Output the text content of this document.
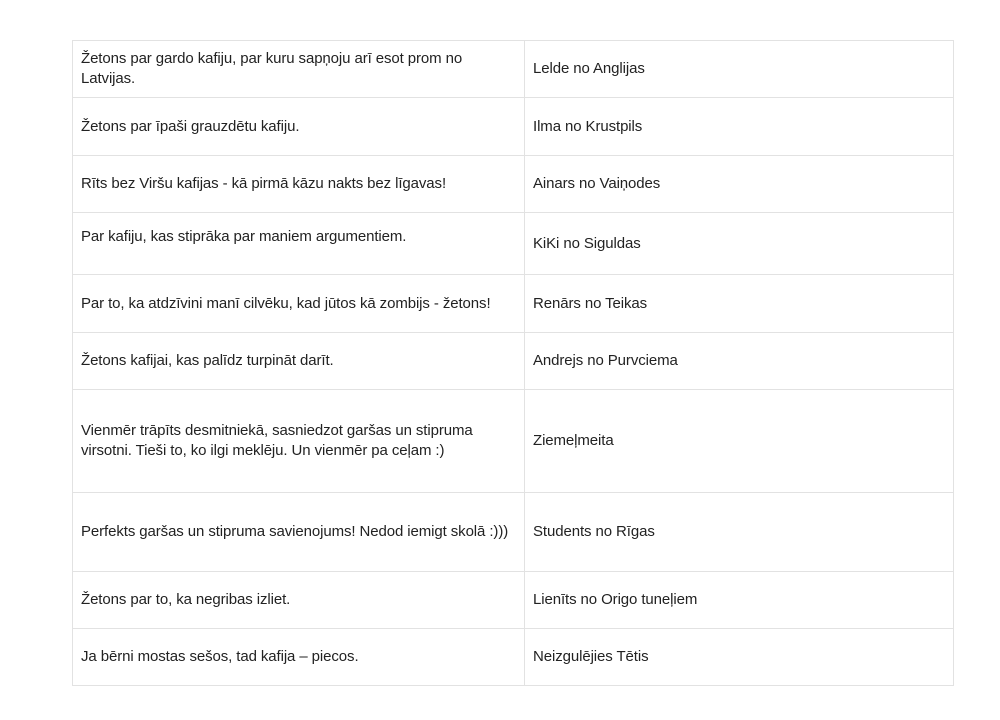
Žetons par gardo kafiju, par kuru sapņoju arī esot prom no Latvijas.	Lelde no Anglijas
Žetons par īpaši grauzdētu kafiju.	Ilma no Krustpils
Rīts bez Viršu kafijas - kā pirmā kāzu nakts bez līgavas!	Ainars no Vaiņodes
Par kafiju, kas stiprāka par maniem argumentiem.	KiKi no Siguldas
Par to, ka atdzīvini manī cilvēku, kad jūtos kā zombijs - žetons!	Renārs no Teikas
Žetons kafijai, kas palīdz turpināt darīt.	Andrejs no Purvciema
Vienmēr trāpīts desmitniekā, sasniedzot garšas un stipruma virsotni. Tieši to, ko ilgi meklēju. Un vienmēr pa ceļam :)	Ziemeļmeita
Perfekts garšas un stipruma savienojums! Nedod iemigt skolā :)))	Students no Rīgas
Žetons par to, ka negribas izliet.	Lienīts no Origo tuneļiem
Ja bērni mostas sešos, tad kafija – piecos.	Neizgulējies Tētis
